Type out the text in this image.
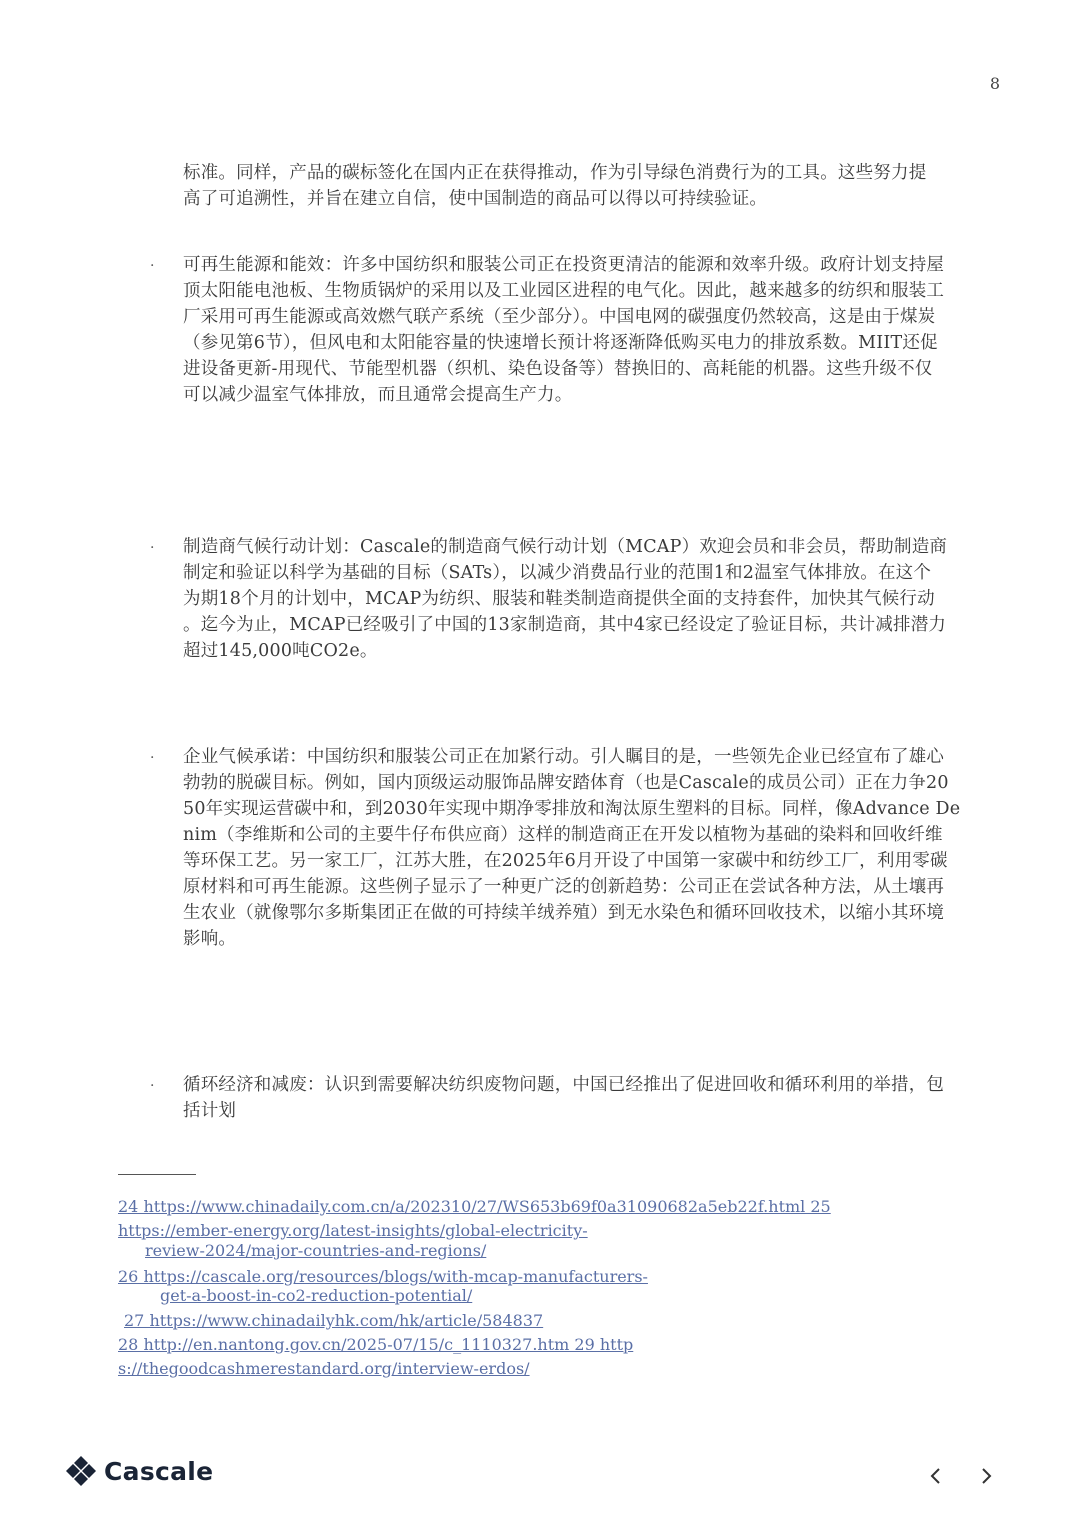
8
标准。同样，产品的碳标签化在国内正在获得推动，作为引导绿色消费行为的工具。这些努力提
高了可追溯性，并旨在建立自信，使中国制造的商品可以得以可持续验证。
· 可再生能源和能效：许多中国纺织和服装公司正在投资更清洁的能源和效率升级。政府计划支持屋
顶太阳能电池板、生物质锅炉的采用以及工业园区进程的电气化。因此，越来越多的纺织和服装工
厂采用可再生能源或高效燃气联产系统（至少部分）。中国电网的碳强度仍然较高，这是由于煤炭
（参见第6节），但风电和太阳能容量的快速增长预计将逐渐降低购买电力的排放系数。MIIT还促
进设备更新-用现代、节能型机器（织机、染色设备等）替换旧的、高耗能的机器。这些升级不仅
可以减少温室气体排放，而且通常会提高生产力。
· 制造商气候行动计划：Cascale的制造商气候行动计划（MCAP）欢迎会员和非会员，帮助制造商
制定和验证以科学为基础的目标（SATs），以减少消费品行业的范围1和2温室气体排放。在这个
为期18个月的计划中，MCAP为纺织、服装和鞋类制造商提供全面的支持套件，加快其气候行动
。迄今为止，MCAP已经吸引了中国的13家制造商，其中4家已经设定了验证目标，共计减排潜力
超过145,000吨CO2e。
· 企业气候承诺：中国纺织和服装公司正在加紧行动。引人瞩目的是，一些领先企业已经宣布了雄心
勃勃的脱碳目标。例如，国内顶级运动服饰品牌安踏体育（也是Cascale的成员公司）正在力争20
50年实现运营碳中和，到2030年实现中期净零排放和淘汰原生塑料的目标。同样，像Advance De
nim（李维斯和公司的主要牛仔布供应商）这样的制造商正在开发以植物为基础的染料和回收纤维
等环保工艺。另一家工厂，江苏大胜，在2025年6月开设了中国第一家碳中和纺纱工厂，利用零碳
原材料和可再生能源。这些例子显示了一种更广泛的创新趋势：公司正在尝试各种方法，从土壤再
生农业（就像鄂尔多斯集团正在做的可持续羊绒养殖）到无水染色和循环回收技术，以缩小其环境
影响。
· 循环经济和减废：认识到需要解决纺织废物问题，中国已经推出了促进回收和循环利用的举措，包
括计划
24 https://www.chinadaily.com.cn/a/202310/27/WS653b69f0a31090682a5eb22f.html 25
https://ember-energy.org/latest-insights/global-electricity-
review-2024/major-countries-and-regions/
26 https://cascale.org/resources/blogs/with-mcap-manufacturers-
get-a-boost-in-co2-reduction-potential/
27 https://www.chinadailyhk.com/hk/article/584837
28 http://en.nantong.gov.cn/2025-07/15/c_1110327.htm 29 http
s://thegoodcashmerestandard.org/interview-erdos/
Cascale
